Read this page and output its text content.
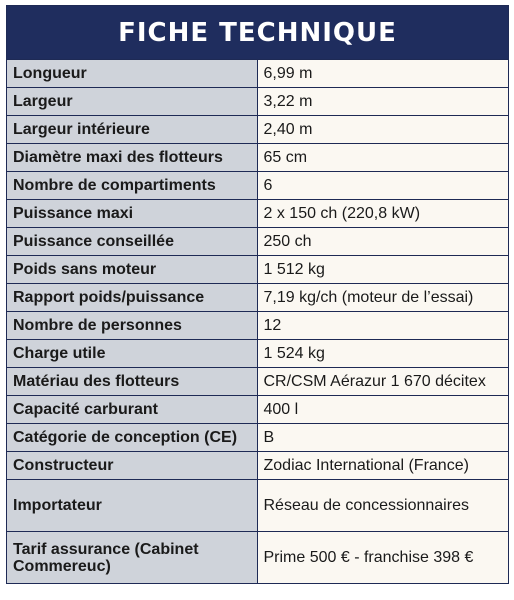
FICHE TECHNIQUE
Longueur	6,99 m
Largeur	3,22 m
Largeur intérieure	2,40 m
Diamètre maxi des flotteurs	65 cm
Nombre de compartiments	6
Puissance maxi	2 x 150 ch (220,8 kW)
Puissance conseillée	250 ch
Poids sans moteur	1 512 kg
Rapport poids/puissance	7,19 kg/ch (moteur de l’essai)
Nombre de personnes	12
Charge utile	1 524 kg
Matériau des flotteurs	CR/CSM Aérazur 1 670 décitex
Capacité carburant	400 l
Catégorie de conception (CE)	B
Constructeur	Zodiac International (France)
Importateur	Réseau de concessionnaires
Tarif assurance (Cabinet Commereuc)	Prime 500 € - franchise 398 €
